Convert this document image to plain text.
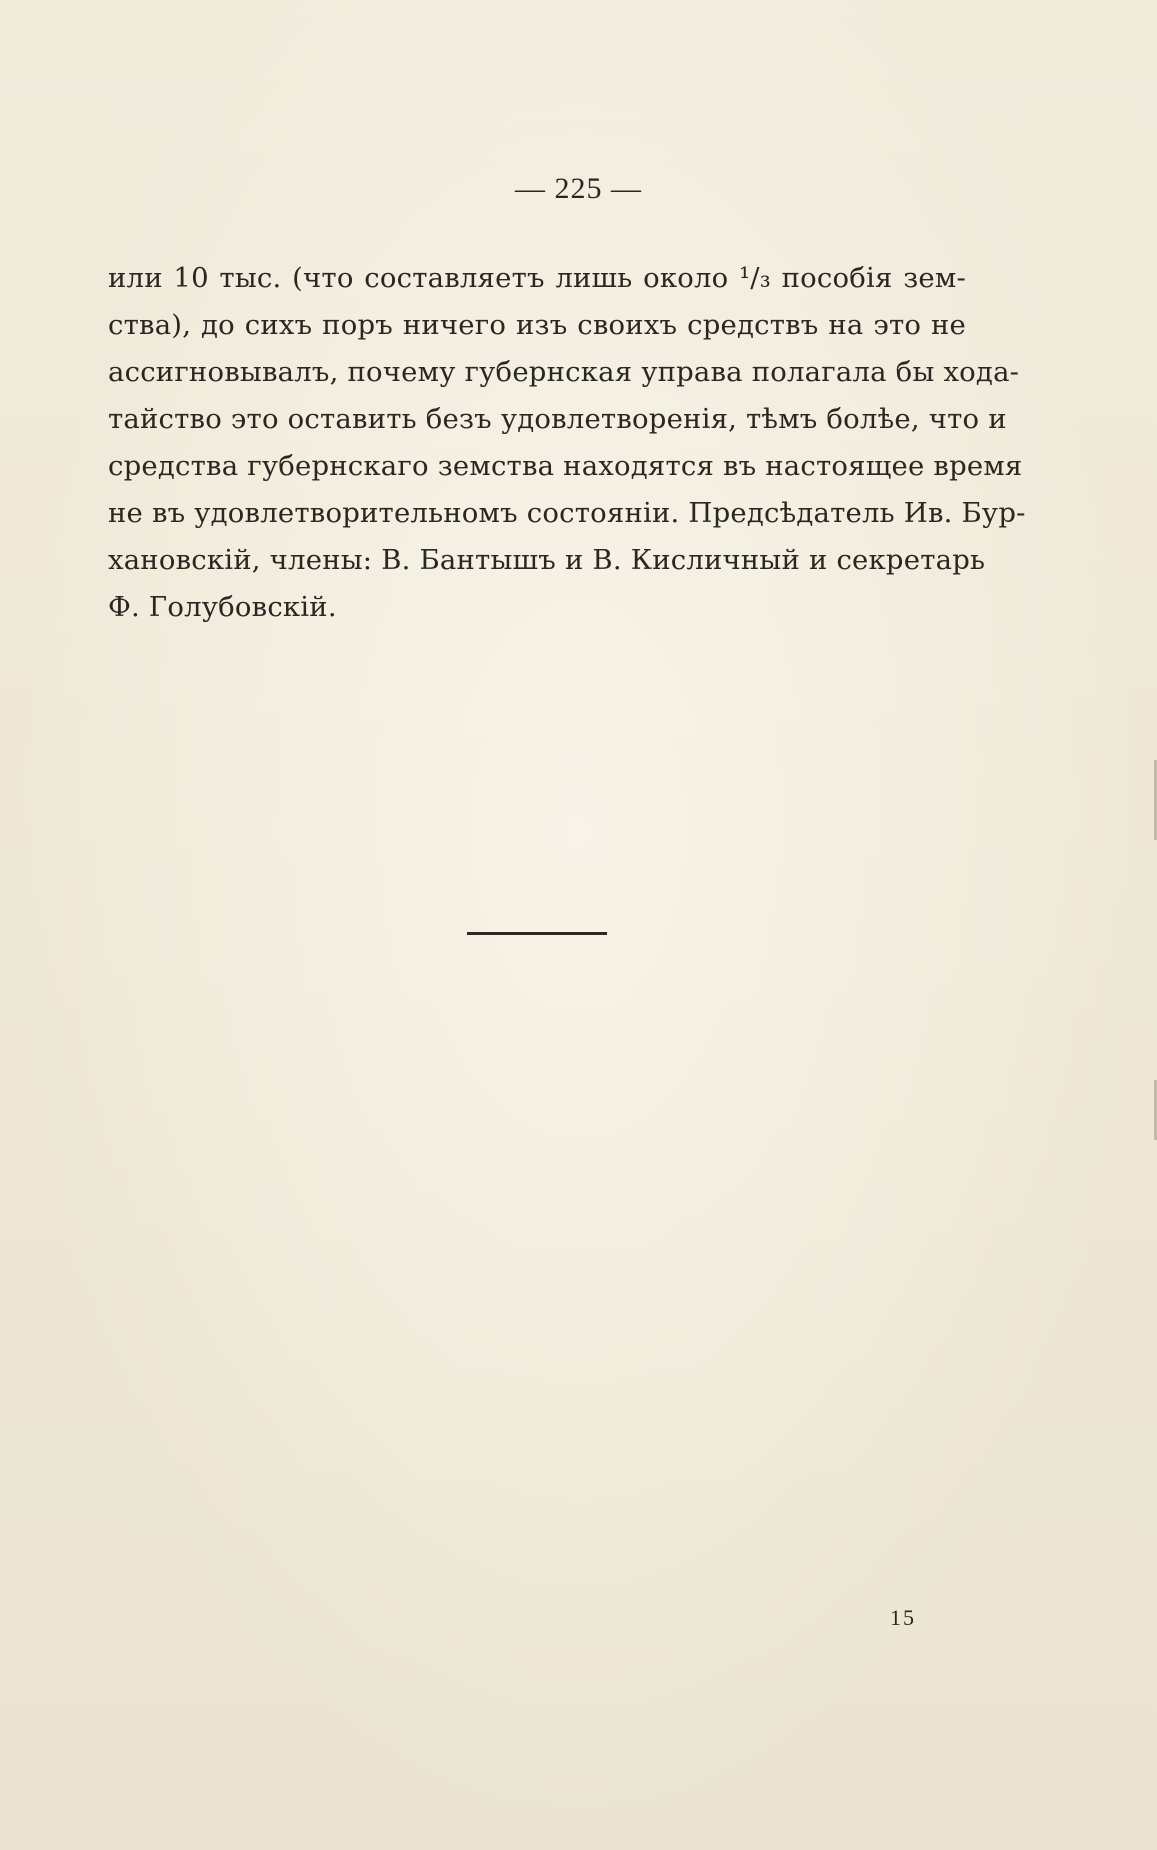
— 225 —
или 10 тыс. (что составляетъ лишь около ¹/₃ пособія зем-
ства), до сихъ поръ ничего изъ своихъ средствъ на это не
ассигновывалъ, почему губернская управа полагала бы хода-
тайство это оставить безъ удовлетворенія, тѣмъ болѣе, что и
средства губернскаго земства находятся въ настоящее время
не въ удовлетворительномъ состояніи. Предсѣдатель Ив. Бур-
хановскій, члены: В. Бантышъ и В. Кисличный и секретарь
Ф. Голубовскій.
15
